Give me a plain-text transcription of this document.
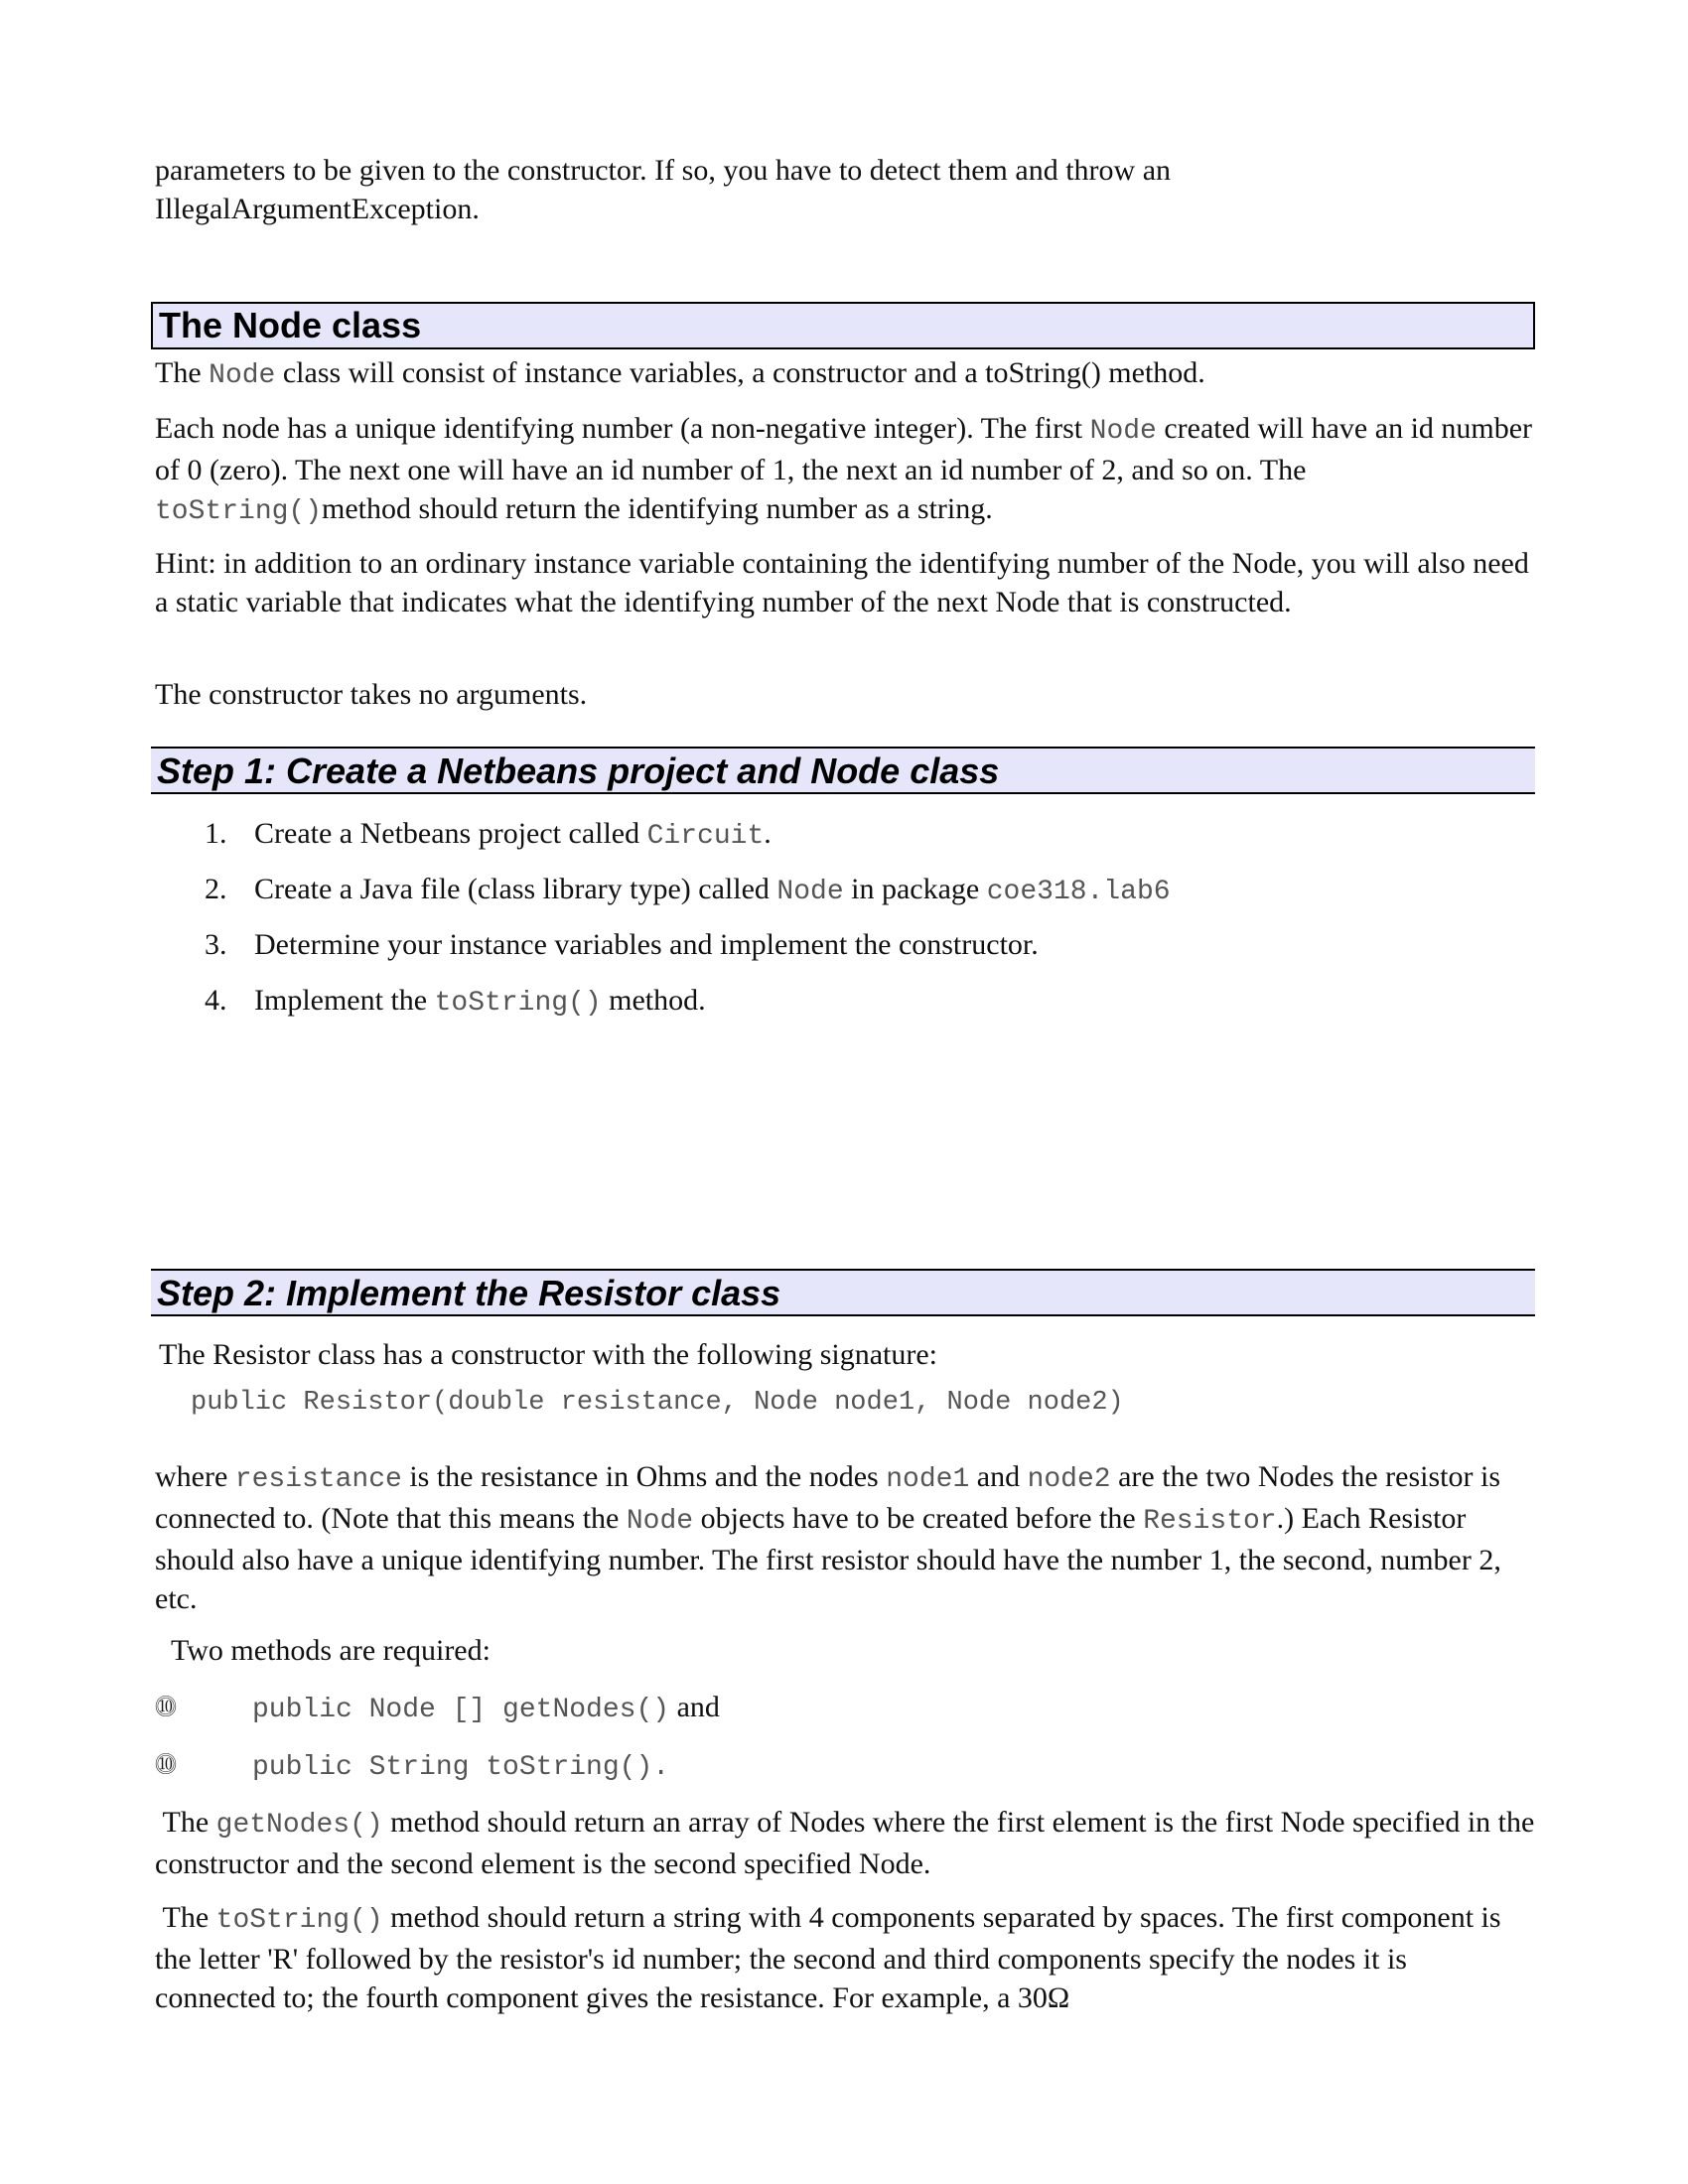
parameters to be given to the constructor. If so, you have to detect them and throw an
IllegalArgumentException.

The Node class

The Node class will consist of instance variables, a constructor and a toString() method.

Each node has a unique identifying number (a non-negative integer). The first Node created will have an id number of 0 (zero). The next one will have an id number of 1, the next an id number of 2, and so on. The toString()method should return the identifying number as a string.

Hint: in addition to an ordinary instance variable containing the identifying number of the Node, you will also need a static variable that indicates what the identifying number of the next Node that is constructed.

The constructor takes no arguments.

Step 1: Create a Netbeans project and Node class
1. Create a Netbeans project called Circuit.
2. Create a Java file (class library type) called Node in package coe318.lab6
3. Determine your instance variables and implement the constructor.
4. Implement the toString() method.
Step 2: Implement the Resistor class

The Resistor class has a constructor with the following signature:

public Resistor(double resistance, Node node1, Node node2)

where resistance is the resistance in Ohms and the nodes node1 and node2 are the two Nodes the resistor is connected to. (Note that this means the Node objects have to be created before the Resistor.) Each Resistor should also have a unique identifying number. The first resistor should have the number 1, the second, number 2, etc.

Two methods are required:

⓾	public Node [] getNodes() and
⓾	public String toString().

The getNodes() method should return an array of Nodes where the first element is the first Node specified in the constructor and the second element is the second specified Node.

The toString() method should return a string with 4 components separated by spaces. The first component is the letter 'R' followed by the resistor's id number; the second and third components specify the nodes it is connected to; the fourth component gives the resistance. For example, a 30Ω
